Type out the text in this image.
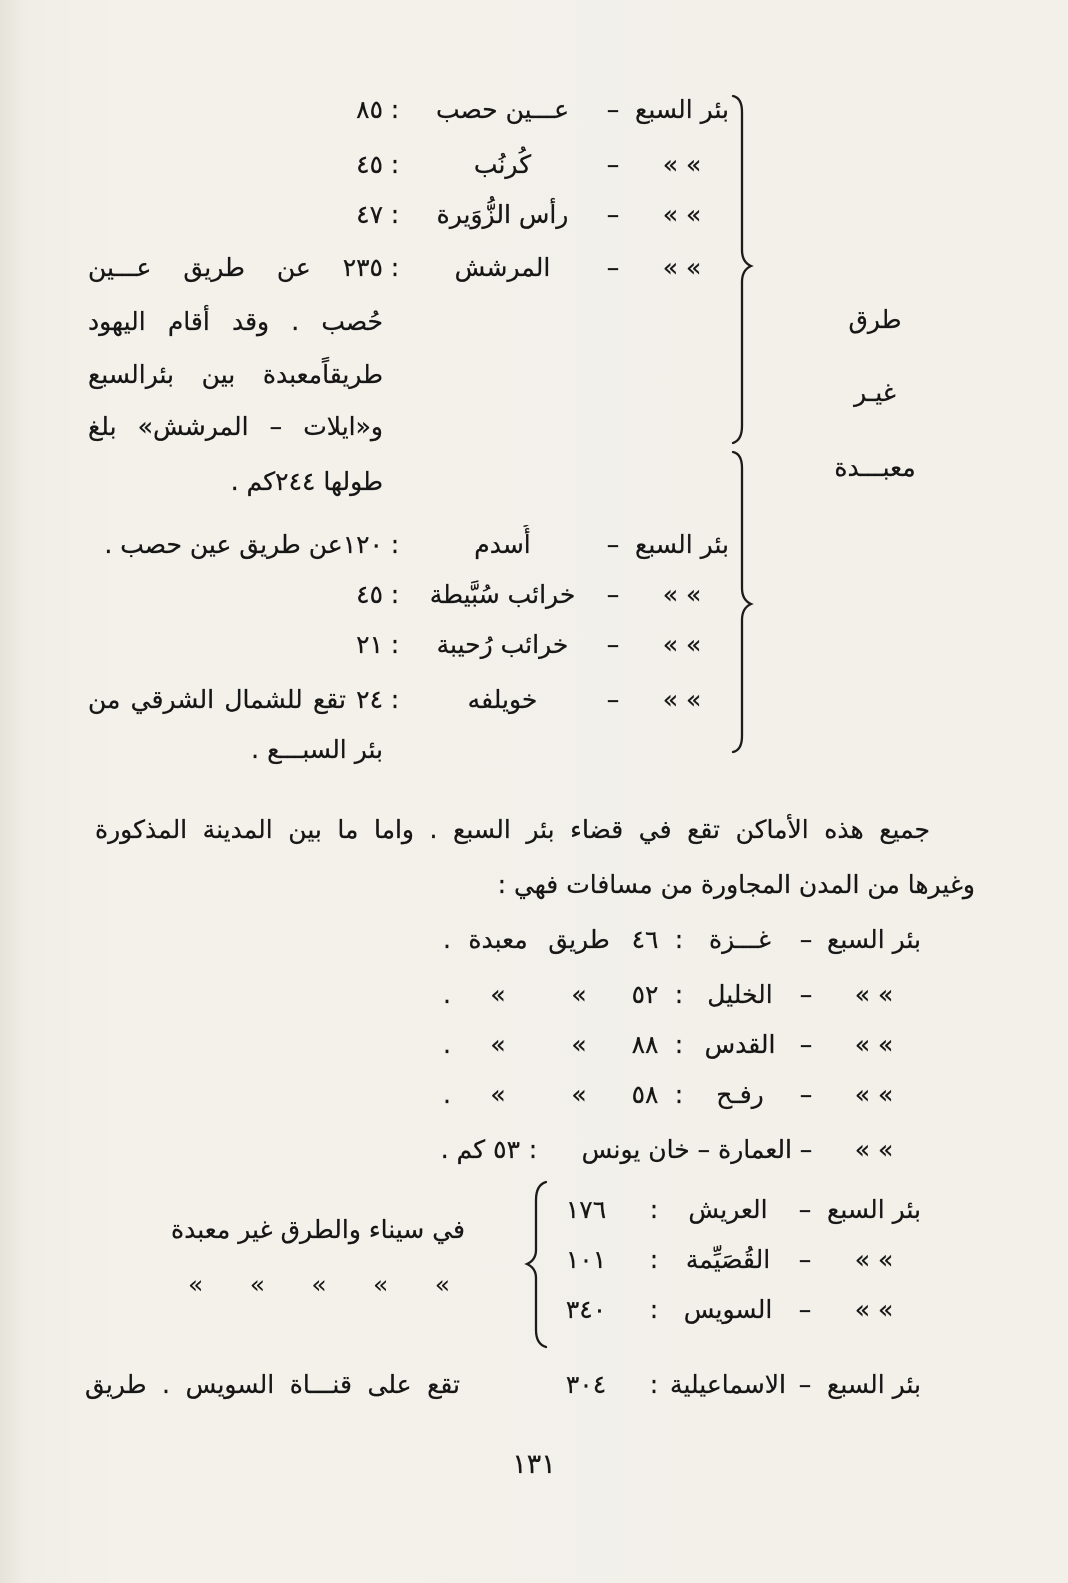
طرق
غيـر
معبـــدة
بئر السبع
–
عـــين حصب
:
٨٥
» »
–
كُرنُب
:
٤٥
» »
–
رأس الزُّوَيرة
:
٤٧
» »
–
المرشش
:
٢٣٥ عن طريق عـــين
حُصب . وقد أقام اليهود
طريقاًمعبدة بين بئرالسبع
و«ايلات – المرشش» بلغ
طولها ٢٤٤كم .
بئر السبع
–
أُسدم
:
١٢٠عن طريق عين حصب .
» »
–
خرائب سُبَّيطة
:
٤٥
» »
–
خرائب رُحيبة
:
٢١
» »
–
خويلفه
:
٢٤ تقع للشمال الشرقي من
بئر السبـــع .
جميع هذه الأماكن تقع في قضاء بئر السبع . واما ما بين المدينة المذكورة
وغيرها من المدن المجاورة من مسافات فهي :
بئر السبع
–
غـــزة
:
٤٦
طريق
معبدة
.
» »
–
الخليل
:
٥٢
»
»
.
» »
–
القدس
:
٨٨
»
»
.
» »
–
رفـح
:
٥٨
»
»
.
» »
–
العمارة – خان يونس
:
٥٣ كم .
بئر السبع
–
العريش
:
١٧٦
» »
–
القُصَيِّمة
:
١٠١
» »
–
السويس
:
٣٤٠
في سيناء والطرق غير معبدة
»
»
»
»
»
بئر السبع
–
الاسماعيلية
:
٣٠٤
تقع على قنـــاة السويس . طريق
١٣١
